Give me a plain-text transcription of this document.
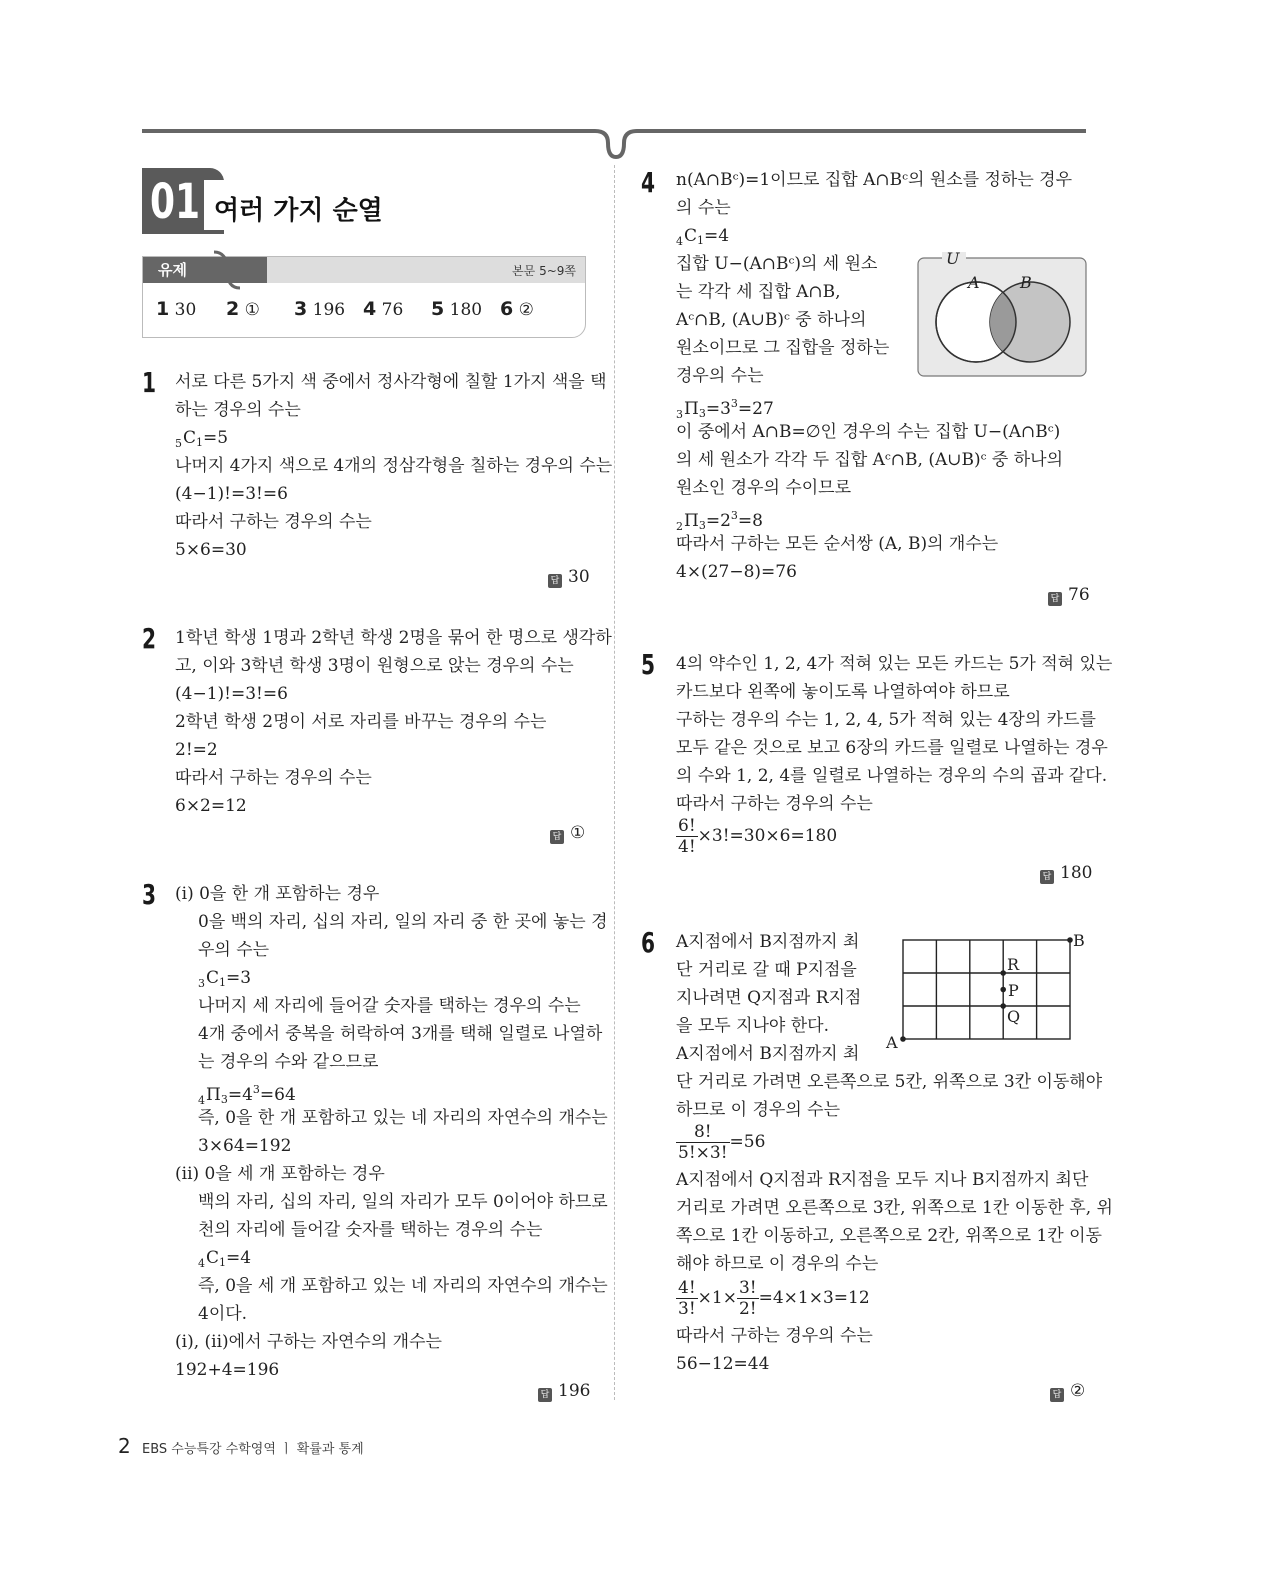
01 여러 가지 순열
유제	본문 5~9쪽
1 30 2 ① 3 196 4 76 5 180 6 ②
1 서로 다른 5가지 색 중에서 정사각형에 칠할 1가지 색을 택
하는 경우의 수는
$_5C_1=5$
나머지 4가지 색으로 4개의 정삼각형을 칠하는 경우의 수는
(4−1)!=3!=6
따라서 구하는 경우의 수는
5×6=30
답 30
2 1학년 학생 1명과 2학년 학생 2명을 묶어 한 명으로 생각하
고, 이와 3학년 학생 3명이 원형으로 앉는 경우의 수는
(4−1)!=3!=6
2학년 학생 2명이 서로 자리를 바꾸는 경우의 수는
2!=2
따라서 구하는 경우의 수는
6×2=12
답 ①
3 (i) 0을 한 개 포함하는 경우
0을 백의 자리, 십의 자리, 일의 자리 중 한 곳에 놓는 경
우의 수는
$_3C_1=3$
나머지 세 자리에 들어갈 숫자를 택하는 경우의 수는
4개 중에서 중복을 허락하여 3개를 택해 일렬로 나열하
는 경우의 수와 같으므로
$_4\Pi_3=4^3=64$
즉, 0을 한 개 포함하고 있는 네 자리의 자연수의 개수는
3×64=192
(ii) 0을 세 개 포함하는 경우
백의 자리, 십의 자리, 일의 자리가 모두 0이어야 하므로
천의 자리에 들어갈 숫자를 택하는 경우의 수는
$_4C_1=4$
즉, 0을 세 개 포함하고 있는 네 자리의 자연수의 개수는
4이다.
(i), (ii)에서 구하는 자연수의 개수는
192+4=196
답 196
4 n(A∩Bᶜ)=1이므로 집합 A∩Bᶜ의 원소를 정하는 경우
의 수는
$_4C_1=4$
집합 U−(A∩Bᶜ)의 세 원소
는 각각 세 집합 A∩B,
Aᶜ∩B, (A∪B)ᶜ 중 하나의
원소이므로 그 집합을 정하는
경우의 수는
$_3\Pi_3=3^3=27$
이 중에서 A∩B=∅인 경우의 수는 집합 U−(A∩Bᶜ)
의 세 원소가 각각 두 집합 Aᶜ∩B, (A∪B)ᶜ 중 하나의
원소인 경우의 수이므로
$_2\Pi_3=2^3=8$
따라서 구하는 모든 순서쌍 (A, B)의 개수는
4×(27−8)=76
답 76
U
A	B
5 4의 약수인 1, 2, 4가 적혀 있는 모든 카드는 5가 적혀 있는
카드보다 왼쪽에 놓이도록 나열하여야 하므로
구하는 경우의 수는 1, 2, 4, 5가 적혀 있는 4장의 카드를
모두 같은 것으로 보고 6장의 카드를 일렬로 나열하는 경우
의 수와 1, 2, 4를 일렬로 나열하는 경우의 수의 곱과 같다.
따라서 구하는 경우의 수는
$\frac{6!}{4!} \times 3!=30\times 6=180$
답 180
6 A지점에서 B지점까지 최
단 거리로 갈 때 P지점을
지나려면 Q지점과 R지점
을 모두 지나야 한다.
A지점에서 B지점까지 최
단 거리로 가려면 오른쪽으로 5칸, 위쪽으로 3칸 이동해야
하므로 이 경우의 수는
$\frac{8!}{5!\times 3!} =56$
A지점에서 Q지점과 R지점을 모두 지나 B지점까지 최단
거리로 가려면 오른쪽으로 3칸, 위쪽으로 1칸 이동한 후, 위
쪽으로 1칸 이동하고, 오른쪽으로 2칸, 위쪽으로 1칸 이동
해야 하므로 이 경우의 수는
$\frac{4!}{3!} \times 1\times \frac{3!}{2!} =4\times 1\times 3=12$
따라서 구하는 경우의 수는
56−12=44
답 ②
A
B
R
P
Q
2 EBS 수능특강 수학영역 ㅣ 확률과 통계
